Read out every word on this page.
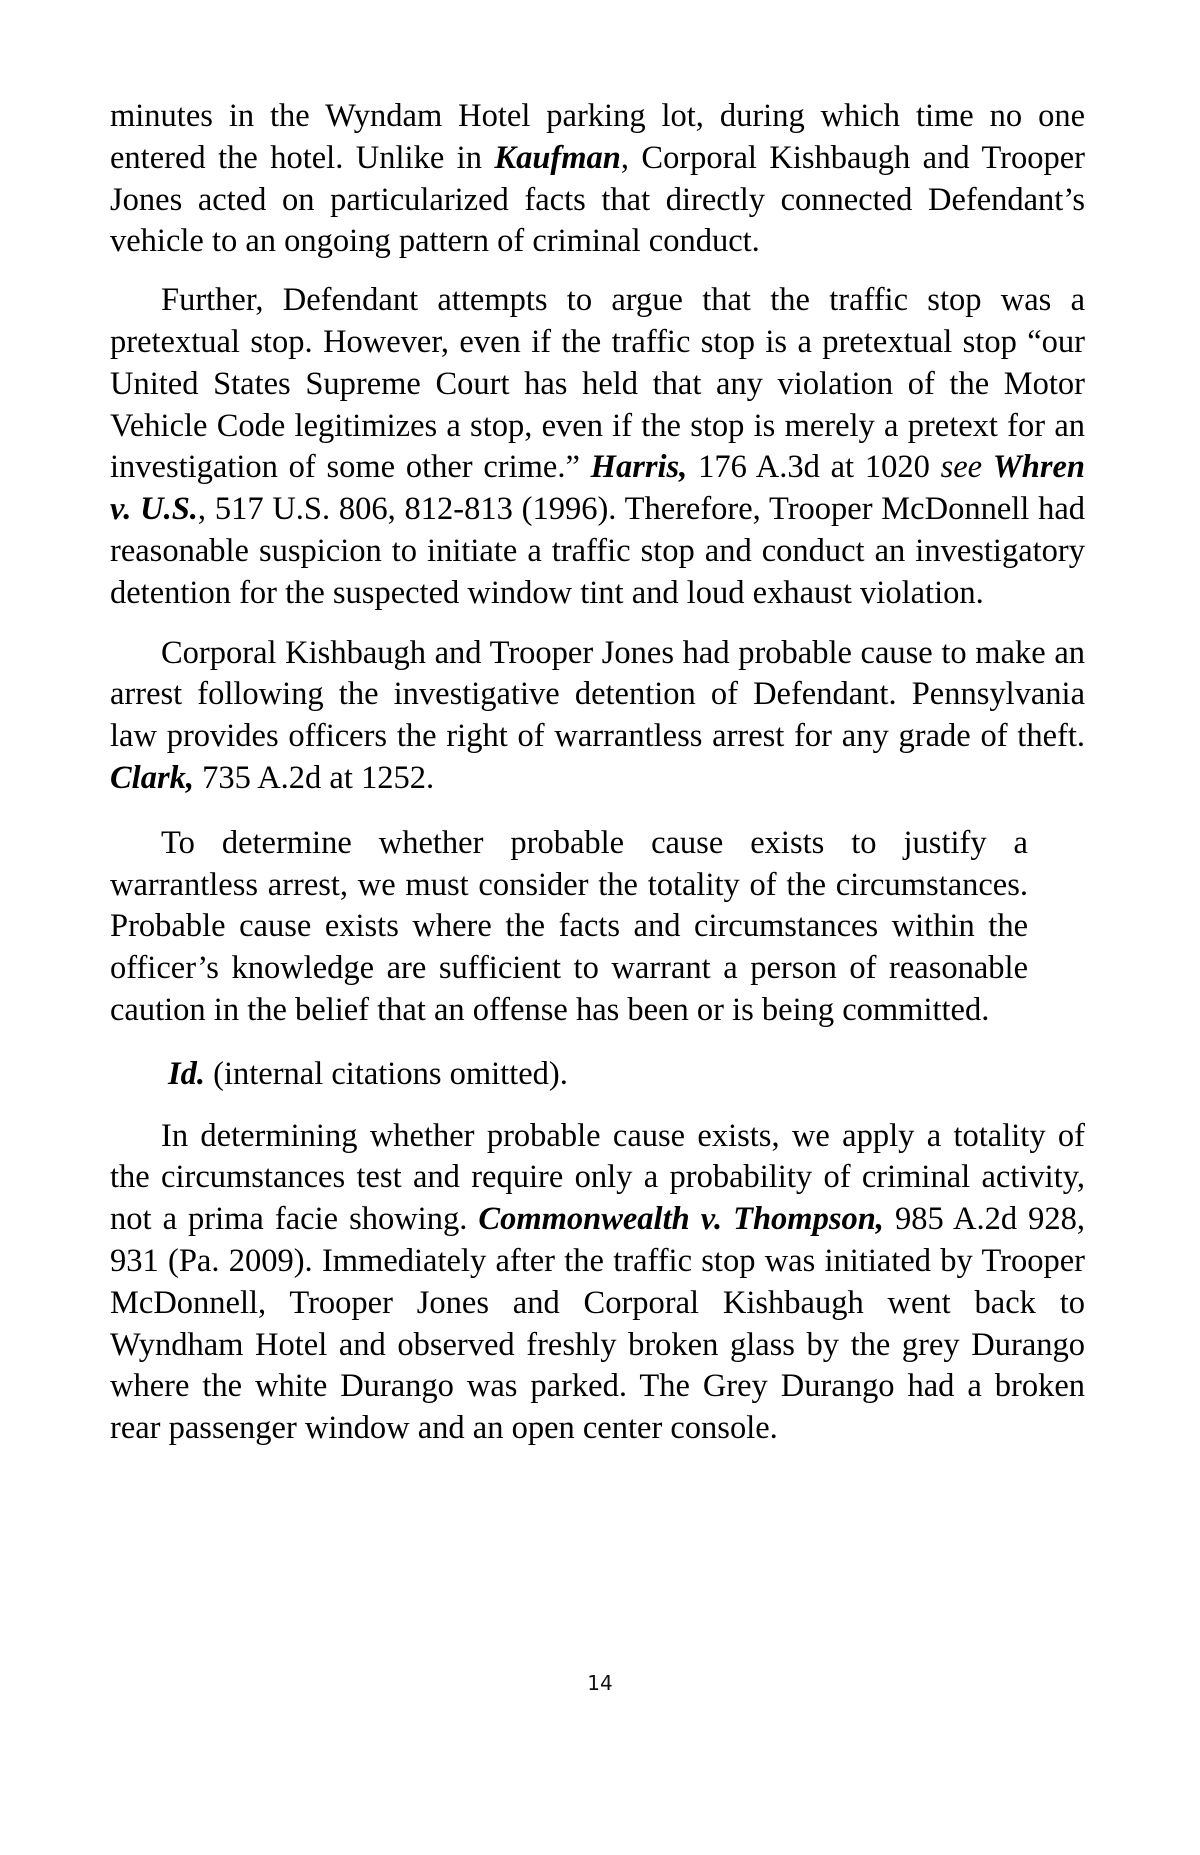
minutes in the Wyndam Hotel parking lot, during which time no one entered the hotel. Unlike in Kaufman, Corporal Kishbaugh and Trooper Jones acted on particularized facts that directly connected Defendant’s vehicle to an ongoing pattern of criminal conduct.

Further, Defendant attempts to argue that the traffic stop was a pretextual stop. However, even if the traffic stop is a pretextual stop “our United States Supreme Court has held that any violation of the Motor Vehicle Code legitimizes a stop, even if the stop is merely a pretext for an investigation of some other crime.” Harris, 176 A.3d at 1020 see Whren v. U.S., 517 U.S. 806, 812-813 (1996). Therefore, Trooper McDonnell had reasonable suspicion to initiate a traffic stop and conduct an investigatory detention for the suspected window tint and loud exhaust violation.

Corporal Kishbaugh and Trooper Jones had probable cause to make an arrest following the investigative detention of Defendant. Pennsylvania law provides officers the right of warrantless arrest for any grade of theft. Clark, 735 A.2d at 1252.

To determine whether probable cause exists to justify a warrantless arrest, we must consider the totality of the circumstances. Probable cause exists where the facts and circumstances within the officer’s knowledge are sufficient to warrant a person of reasonable caution in the belief that an offense has been or is being committed.

Id. (internal citations omitted).

In determining whether probable cause exists, we apply a totality of the circumstances test and require only a probability of criminal activity, not a prima facie showing. Commonwealth v. Thompson, 985 A.2d 928, 931 (Pa. 2009). Immediately after the traffic stop was initiated by Trooper McDonnell, Trooper Jones and Corporal Kishbaugh went back to Wyndham Hotel and observed freshly broken glass by the grey Durango where the white Durango was parked. The Grey Durango had a broken rear passenger window and an open center console.

14
